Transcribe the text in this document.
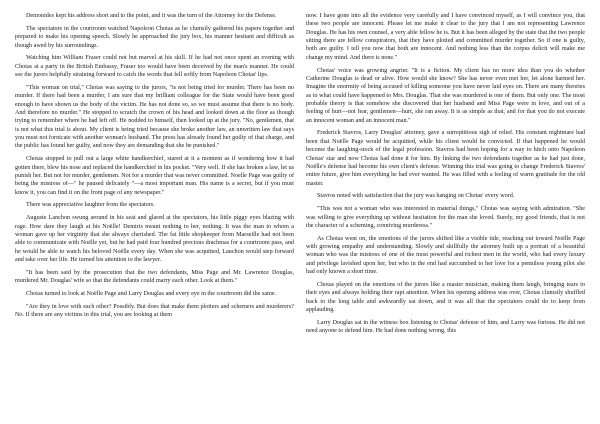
Demonides kept his address short and to the point, and it was the turn of the Attorney for the Defense.

The spectators in the courtroom watched Napoleon Chotas as he clumsily gathered his papers together and prepared to make his opening speech. Slowly he approached the jury box, his manner hesitant and difficult as though awed by his surroundings.

Watching him William Fraser could not but marvel at his skill. If he had not once spent an evening with Chotas at a party in the British Embassy, Fraser too would have been deceived by the man's manner. He could see the jurors helpfully straining forward to catch the words that fell softly from Napoleon Chotas' lips.

"This woman on trial," Chotas was saying to the jurors, "is not being tried for murder. There has been no murder. If there had been a murder, I am sure that my brilliant colleague for the State would have been good enough to have shown us the body of the victim. He has not done so, so we must assume that there is no body. And therefore no murder." He stopped to scratch the crown of his head and looked down at the floor as though trying to remember where he had left off. He nodded to himself, then looked up at the jury. "No, gentlemen, that is not what this trial is about. My client is being tried because she broke another law, an unwritten law that says you must not fornicate with another woman's husband. The press has already found her guilty of that charge, and the public has found her guilty, and now they are demanding that she be punished."

Chotas stopped to pull out a large white handkerchief, stared at it a moment as if wondering how it had gotten there, blew his nose and replaced the handkerchief in his pocket. "Very well. If she has broken a law, let us punish her. But not for murder, gentlemen. Not for a murder that was never committed. Noelle Page was guilty of being the mistress of—" he paused delicately "—a most important man. His name is a secret, but if you must know it, you can find it on the front page of any newspaper."

There was appreciative laughter from the spectators.

Auguste Lanchon swung around in his seat and glared at the spectators, his little piggy eyes blazing with rage. How dare they laugh at his Noëlle! Demiris meant nothing to her, nothing. It was the man to whom a woman gave up her virginity that she always cherished. The fat little shopkeeper from Marseille had not been able to communicate with Noëlle yet, but he had paid four hundred precious drachmas for a courtroom pass, and he would be able to watch his beloved Noëlle every day. When she was acquitted, Lanchon would step forward and take over her life. He turned his attention to the lawyer.

"It has been said by the prosecution that the two defendants, Miss Page and Mr. Lawrence Douglas, murdered Mr. Douglas' wife so that the defendants could marry each other. Look at them."

Chotas turned to look at Noëlle Page and Larry Douglas and every eye in the courtroom did the same.

"Are they in love with each other? Possibly. But does that make them plotters and schemers and murderers? No. If there are any victims in this trial, you are looking at them

now. I have gone into all the evidence very carefully and I have convinced myself, as I will convince you, that these two people are innocent. Please let me make it clear to the jury that I am not representing Lawrence Douglas. He has his own counsel, a very able fellow he is. But it has been alleged by the state that the two people sitting there are fellow conspirators, that they have plotted and committed murder together. So if one is guilty, both are guilty. I tell you now that both are innocent. And nothing less than the corpus delicti will make me change my mind. And there is none."

Chotas' voice was growing angrier. "It is a fiction. My client has no more idea than you do whether Catherine Douglas is dead or alive. How would she know? She has never even met her, let alone harmed her. Imagine the enormity of being accused of killing someone you have never laid eyes on. There are many theories as to what could have happened to Mrs. Douglas. That she was murdered is one of them. But only one. The most probable theory is that somehow she discovered that her husband and Miss Page were in love, and out of a feeling of hurt—not fear, gentlemen—hurt, she ran away. It is as simple as that, and for that you do not execute an innocent woman and an innocent man."

Frederick Stavros, Larry Douglas' attorney, gave a surreptitious sigh of relief. His constant nightmare had been that Noëlle Page would be acquitted, while his client would be convicted. If that happened he would become the laughing-stock of the legal profession. Stavros had been hoping for a way to hitch onto Napoleon Chotas' star and now Chotas had done it for him. By linking the two defendants together as he had just done, Noëlle's defense had become his own client's defense. Winning this trial was going to change Frederick Stavros' entire future, give him everything he had ever wanted. He was filled with a feeling of warm gratitude for the old master.

Stavros noted with satisfaction that the jury was hanging on Chotas' every word.

"This was not a woman who was interested in material things," Chotas was saying with admiration. "She was willing to give everything up without hesitation for the man she loved. Surely, my good friends, that is not the character of a scheming, conniving murderess."

As Chotas went on, the emotions of the jurors shifted like a visible tide, reaching out toward Noëlle Page with growing empathy and understanding. Slowly and skillfully the attorney built up a portrait of a beautiful woman who was the mistress of one of the most powerful and richest men in the world, who had every luxury and privilege lavished upon her, but who in the end had succumbed to her love for a penniless young pilot she had only known a short time.

Chotas played on the emotions of the jurors like a master musician, making them laugh, bringing tears to their eyes and always holding their rapt attention. When his opening address was over, Chotas clumsily shuffled back to the long table and awkwardly sat down, and it was all that the spectators could do to keep from applauding.

Larry Douglas sat in the witness box listening to Chotas' defense of him, and Larry was furious. He did not need anyone to defend him. He had done nothing wrong, this
